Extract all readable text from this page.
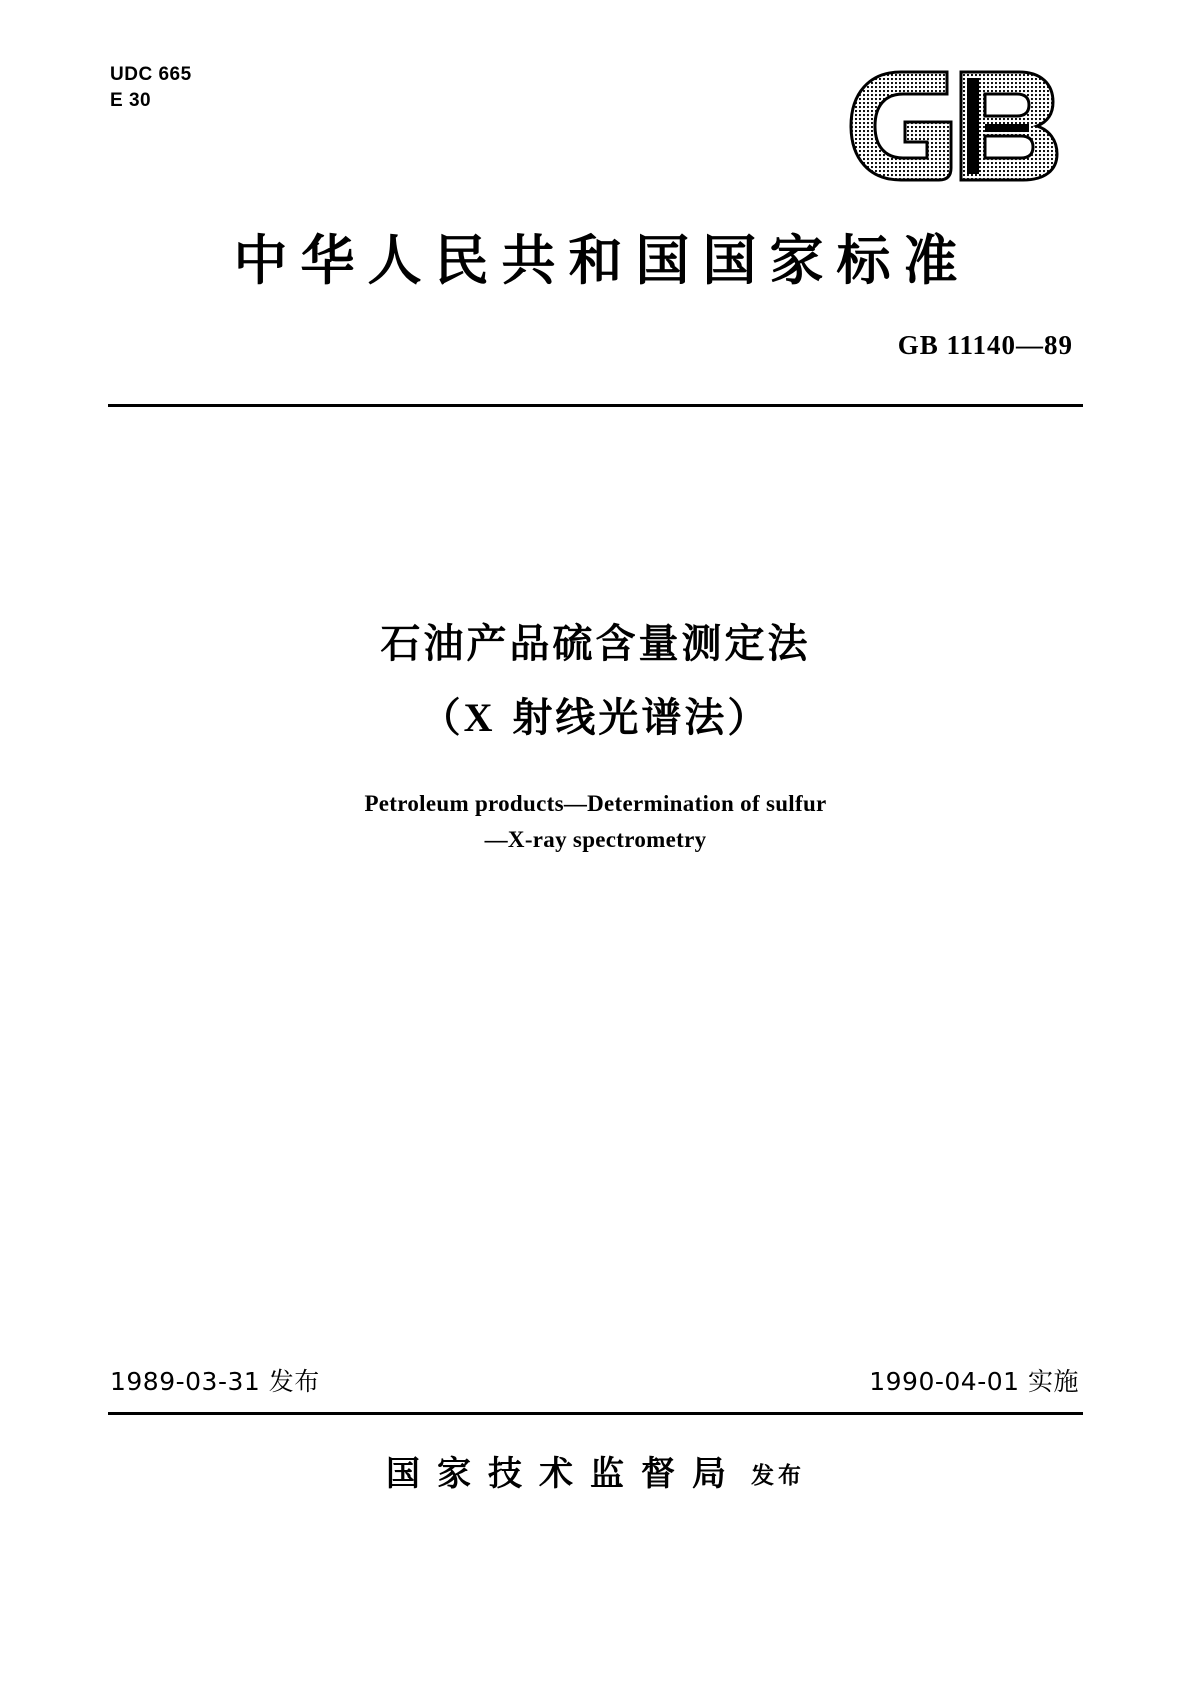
UDC 665
E 30
中华人民共和国国家标准
GB 11140—89
石油产品硫含量测定法
（X 射线光谱法）
Petroleum products—Determination of sulfur
—X-ray spectrometry
1989-03-31 发布	1990-04-01 实施
国家技术监督局 发布
